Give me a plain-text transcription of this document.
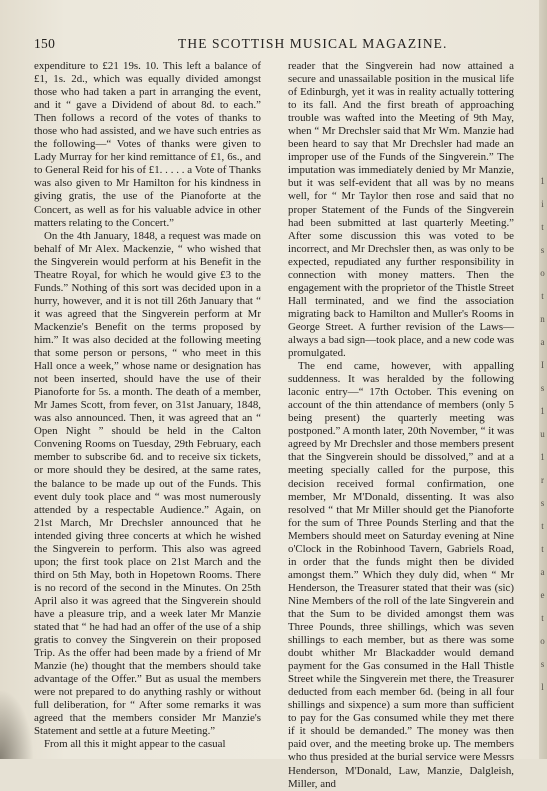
1
i
t
s
o
t
n
a
I
s
1
u
1
r
s
t
t
a
e
t
o
s
l
150	THE SCOTTISH MUSICAL MAGAZINE.

expenditure to £21 19s. 10. This left a balance of £1, 1s. 2d., which was equally divided amongst those who had taken a part in arranging the event, and it “ gave a Dividend of about 8d. to each.” Then follows a record of the votes of thanks to those who had assisted, and we have such entries as the following—“ Votes of thanks were given to Lady Murray for her kind remittance of £1, 6s., and to General Reid for his of £1. . . . . a Vote of Thanks was also given to Mr Hamilton for his kindness in giving gratis, the use of the Pianoforte at the Concert, as well as for his valuable advice in other matters relating to the Concert.”

On the 4th January, 1848, a request was made on behalf of Mr Alex. Mackenzie, “ who wished that the Singverein would perform at his Benefit in the Theatre Royal, for which he would give £3 to the Funds.” Nothing of this sort was decided upon in a hurry, however, and it is not till 26th January that “ it was agreed that the Singverein perform at Mr Mackenzie's Benefit on the terms proposed by him.” It was also decided at the following meeting that some person or persons, “ who meet in this Hall once a week,” whose name or designation has not been inserted, should have the use of their Pianoforte for 5s. a month. The death of a member, Mr James Scott, from fever, on 31st January, 1848, was also announced. Then, it was agreed that an “ Open Night ” should be held in the Calton Convening Rooms on Tuesday, 29th February, each member to subscribe 6d. and to receive six tickets, or more should they be desired, at the same rates, the balance to be made up out of the Funds. This event duly took place and “ was most numerously attended by a respectable Audience.” Again, on 21st March, Mr Drechsler announced that he intended giving three concerts at which he wished the Singverein to perform. This also was agreed upon; the first took place on 21st March and the third on 5th May, both in Hopetown Rooms. There is no record of the second in the Minutes. On 25th April also it was agreed that the Singverein should have a pleasure trip, and a week later Mr Manzie stated that “ he had had an offer of the use of a ship gratis to convey the Singverein on their proposed Trip. As the offer had been made by a friend of Mr Manzie (he) thought that the members should take advantage of the Offer.” But as usual the members were not prepared to do anything rashly or without full deliberation, for “ After some remarks it was agreed that the members consider Mr Manzie's Statement and settle at a future Meeting.”

From all this it might appear to the casual

reader that the Singverein had now attained a secure and unassailable position in the musical life of Edinburgh, yet it was in reality actually tottering to its fall. And the first breath of approaching trouble was wafted into the Meeting of 9th May, when “ Mr Drechsler said that Mr Wm. Manzie had been heard to say that Mr Drechsler had made an improper use of the Funds of the Singverein.” The imputation was immediately denied by Mr Manzie, but it was self-evident that all was by no means well, for “ Mr Taylor then rose and said that no proper Statement of the Funds of the Singverein had been submitted at last quarterly Meeting.” After some discussion this was voted to be incorrect, and Mr Drechsler then, as was only to be expected, repudiated any further responsibility in connection with money matters. Then the engagement with the proprietor of the Thistle Street Hall terminated, and we find the association migrating back to Hamilton and Muller's Rooms in George Street. A further revision of the Laws—always a bad sign—took place, and a new code was promulgated.

The end came, however, with appalling suddenness. It was heralded by the following laconic entry—“ 17th October. This evening on account of the thin attendance of members (only 5 being present) the quarterly meeting was postponed.” A month later, 20th November, “ it was agreed by Mr Drechsler and those members present that the Singverein should be dissolved,” and at a meeting specially called for the purpose, this decision received formal confirmation, one member, Mr M'Donald, dissenting. It was also resolved “ that Mr Miller should get the Pianoforte for the sum of Three Pounds Sterling and that the Members should meet on Saturday evening at Nine o'Clock in the Robinhood Tavern, Gabriels Road, in order that the funds might then be divided amongst them.” Which they duly did, when “ Mr Henderson, the Treasurer stated that their was (sic) Nine Members of the roll of the late Singverein and that the Sum to be divided amongst them was Three Pounds, three shillings, which was seven shillings to each member, but as there was some doubt whither Mr Blackadder would demand payment for the Gas consumed in the Hall Thistle Street while the Singverein met there, the Treasurer deducted from each member 6d. (being in all four shillings and sixpence) a sum more than sufficient to pay for the Gas consumed while they met there if it should be demanded.” The money was then paid over, and the meeting broke up. The members who thus presided at the burial service were Messrs Henderson, M'Donald, Law, Manzie, Dalgleish, Miller, and
